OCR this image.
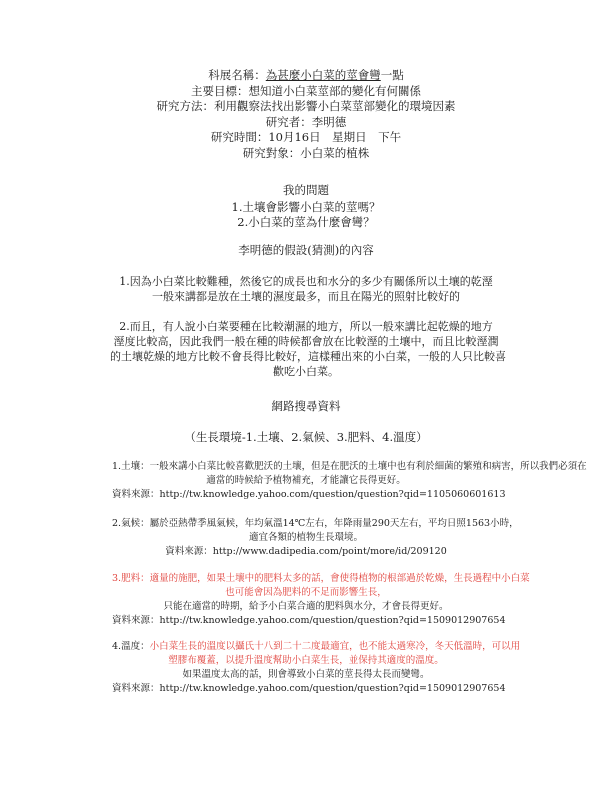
科展名稱：為甚麼小白菜的莖會彎一點
主要目標：想知道小白菜莖部的變化有何關係
研究方法：利用觀察法找出影響小白菜莖部變化的環境因素
研究者：李明德
研究時間：10月16日　星期日　下午
研究對象：小白菜的植株
我的問題
1.土壤會影響小白菜的莖嗎？
2.小白菜的莖為什麼會彎？
李明德的假設(猜測)的內容
1.因為小白菜比較難種，然後它的成長也和水分的多少有關係所以土壤的乾溼
一般來講都是放在土壤的濕度最多，而且在陽光的照射比較好的
2.而且，有人說小白菜要種在比較潮濕的地方，所以一般來講比起乾燥的地方
溼度比較高，因此我們一般在種的時候都會放在比較溼的土壤中，而且比較溼潤
的土壤乾燥的地方比較不會長得比較好，這樣種出來的小白菜，一般的人只比較喜
歡吃小白菜。
網路搜尋資料
（生長環境-1.土壤、2.氣候、3.肥料、4.溫度）
1.土壤：一般來講小白菜比較喜歡肥沃的土壤，但是在肥沃的土壤中也有利於細菌的繁殖和病害，所以我們必須在
適當的時候給予植物補充，才能讓它長得更好。
資料來源：http://tw.knowledge.yahoo.com/question/question?qid=1105060601613
2.氣候：屬於亞熱帶季風氣候，年均氣溫14℃左右，年降雨量290天左右，平均日照1563小時，
適宜各類的植物生長環境。
資料來源：http://www.dadipedia.com/point/more/id/209120
3.肥料：適量的施肥，如果土壤中的肥料太多的話，會使得植物的根部過於乾燥，生長過程中小白菜
也可能會因為肥料的不足而影響生長，
只能在適當的時期，給予小白菜合適的肥料與水分，才會長得更好。
資料來源：http://tw.knowledge.yahoo.com/question/question?qid=1509012907654
4.溫度：小白菜生長的溫度以攝氏十八到二十二度最適宜，也不能太過寒冷，冬天低溫時，可以用
塑膠布覆蓋，以提升溫度幫助小白菜生長，並保持其適度的溫度。
如果溫度太高的話，則會導致小白菜的莖長得太長而變彎。
資料來源：http://tw.knowledge.yahoo.com/question/question?qid=1509012907654
